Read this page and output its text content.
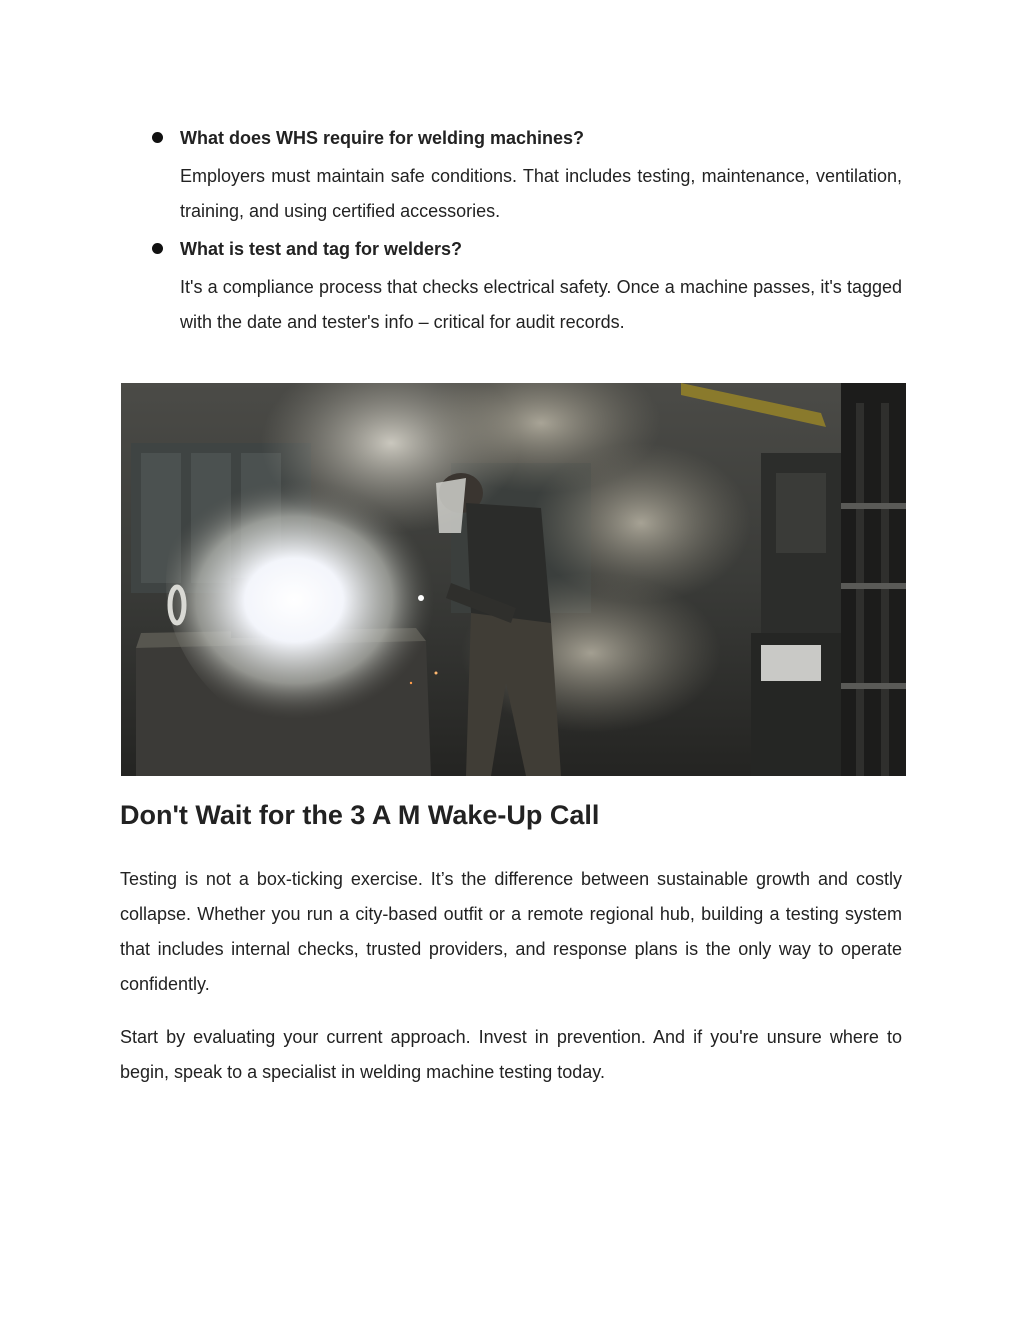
What does WHS require for welding machines?

Employers must maintain safe conditions. That includes testing, maintenance, ventilation, training, and using certified accessories.

What is test and tag for welders?

It's a compliance process that checks electrical safety. Once a machine passes, it's tagged with the date and tester's info – critical for audit records.

Don't Wait for the 3 A M Wake-Up Call

Testing is not a box-ticking exercise. It’s the difference between sustainable growth and costly collapse. Whether you run a city-based outfit or a remote regional hub, building a testing system that includes internal checks, trusted providers, and response plans is the only way to operate confidently.

Start by evaluating your current approach. Invest in prevention. And if you're unsure where to begin, speak to a specialist in welding machine testing today.
